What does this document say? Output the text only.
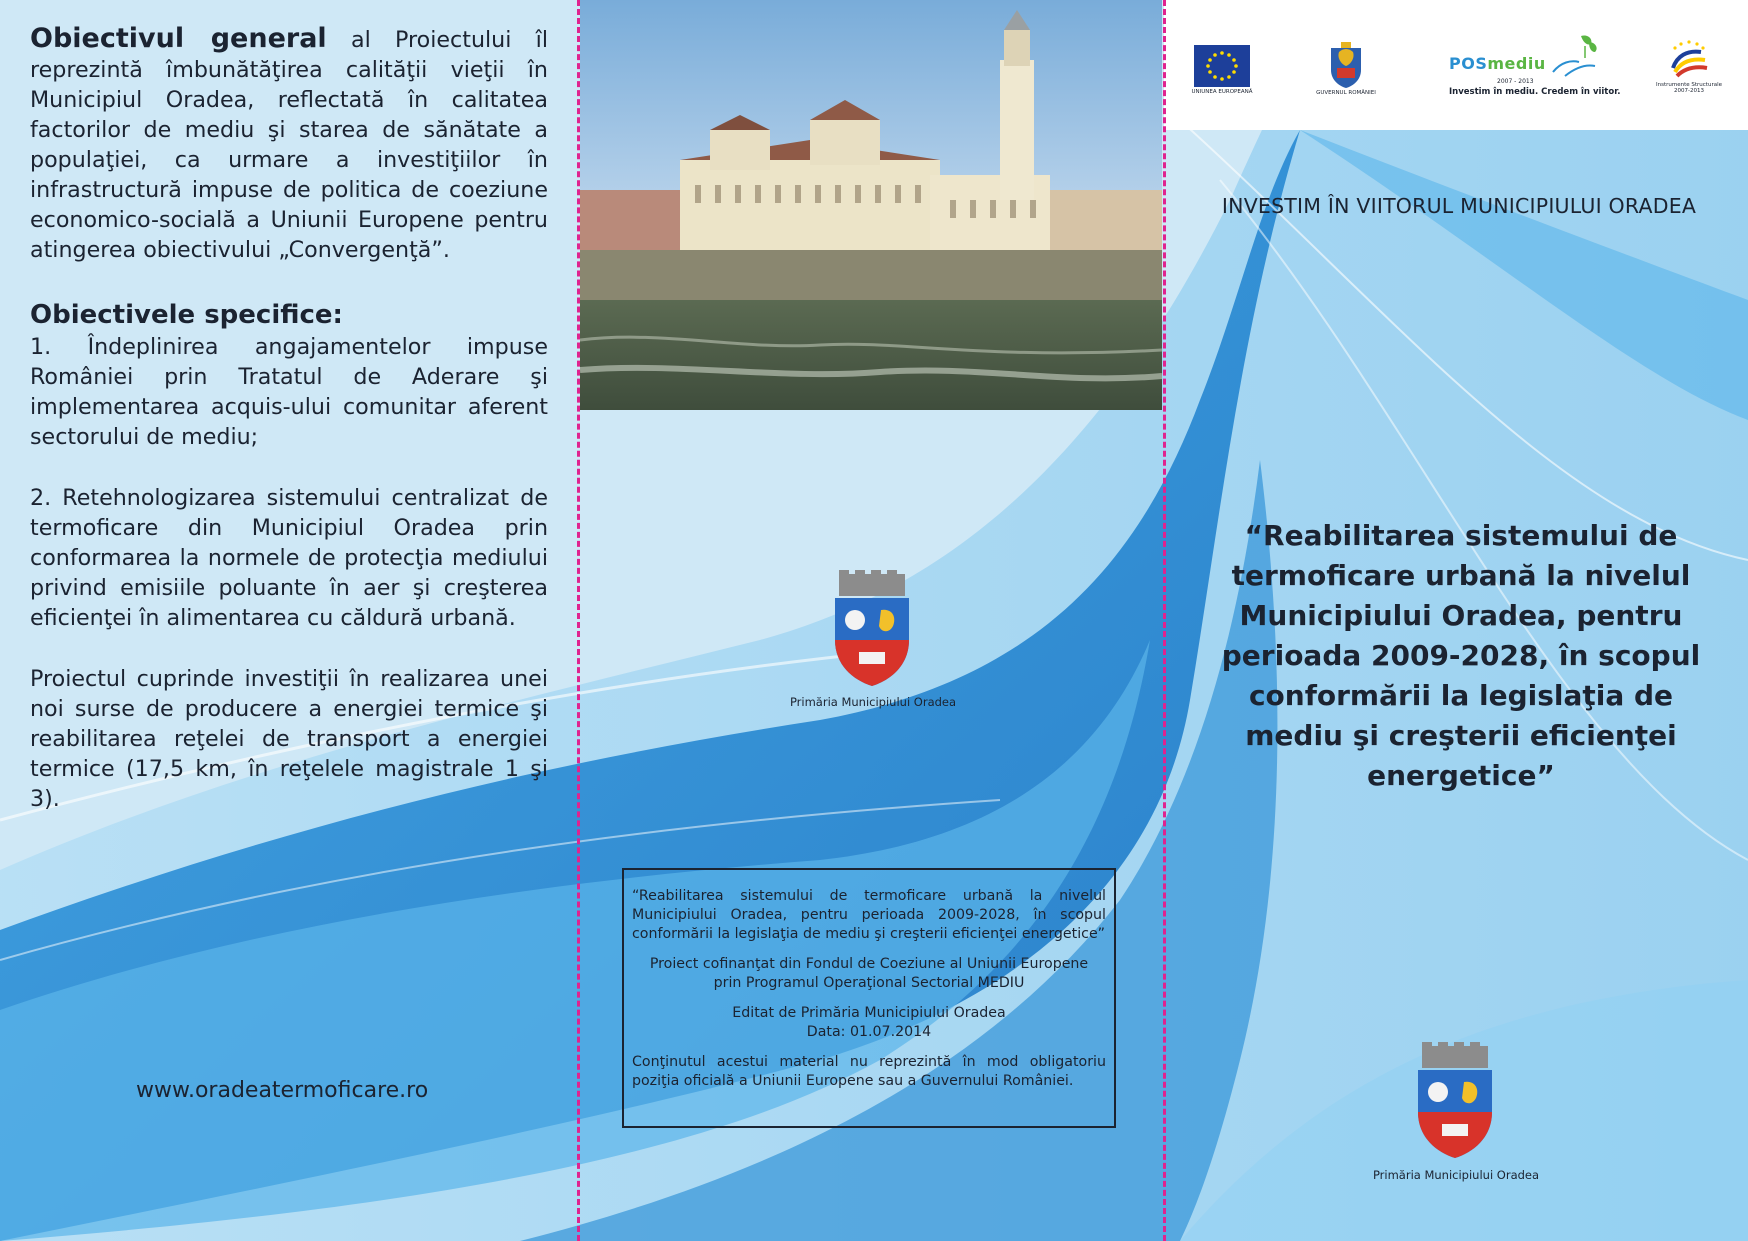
Obiectivul general al Proiectului îl reprezintă îmbunătăţirea calităţii vieţii în Municipiul Oradea, reflectată în calitatea factorilor de mediu şi starea de sănătate a populaţiei, ca urmare a investiţiilor în infrastructură impuse de politica de coeziune economico-socială a Uniunii Europene pentru atingerea obiectivului „Convergenţă”.
Obiectivele specifice:
1. Îndeplinirea angajamentelor impuse României prin Tratatul de Aderare şi implementarea acquis-ului comunitar aferent sectorului de mediu;
2. Retehnologizarea sistemului centralizat de termoficare din Municipiul Oradea prin conformarea la normele de protecţia mediului privind emisiile poluante în aer şi creşterea eficienţei în alimentarea cu căldură urbană.
Proiectul cuprinde investiţii în realizarea unei noi surse de producere a energiei termice şi reabilitarea reţelei de transport a energiei termice (17,5 km, în reţelele magistrale 1 şi 3).
www.oradeatermoficare.ro
Primăria Municipiului Oradea

“Reabilitarea sistemului de termoficare urbană la nivelul Municipiului Oradea, pentru perioada 2009-2028, în scopul conformării la legislaţia de mediu şi creşterii eficienţei energetice”

Proiect cofinanţat din Fondul de Coeziune al Uniunii Europene
prin Programul Operaţional Sectorial MEDIU

Editat de Primăria Municipiului Oradea
Data: 01.07.2014

Conţinutul acestui material nu reprezintă în mod obligatoriu poziţia oficială a Uniunii Europene sau a Guvernului României.

UNIUNEA EUROPEANĂ	GUVERNUL ROMÂNIEI
POSmediu
2007 - 2013
Investim în mediu. Credem în viitor.
Instrumente Structurale
2007-2013
INVESTIM ÎN VIITORUL MUNICIPIULUI ORADEA
“Reabilitarea sistemului de termoficare urbană la nivelul Municipiului Oradea, pentru perioada 2009-2028, în scopul conformării la legislaţia de mediu şi creşterii eficienţei energetice”
Primăria Municipiului Oradea
